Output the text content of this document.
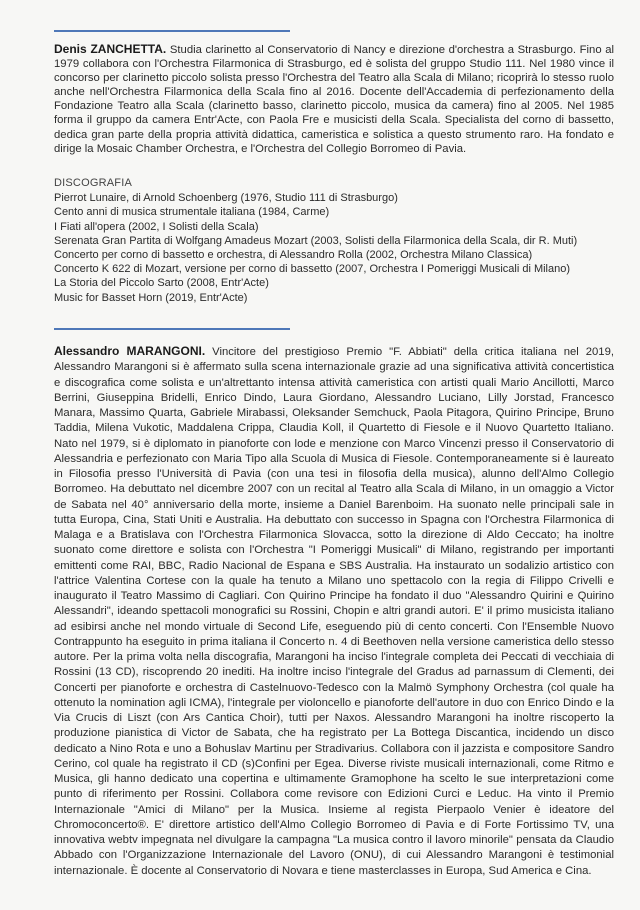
Denis ZANCHETTA. Studia clarinetto al Conservatorio di Nancy e direzione d'orchestra a Strasburgo. Fino al 1979 collabora con l'Orchestra Filarmonica di Strasburgo, ed è solista del gruppo Studio 111. Nel 1980 vince il concorso per clarinetto piccolo solista presso l'Orchestra del Teatro alla Scala di Milano; ricoprirà lo stesso ruolo anche nell'Orchestra Filarmonica della Scala fino al 2016. Docente dell'Accademia di perfezionamento della Fondazione Teatro alla Scala (clarinetto basso, clarinetto piccolo, musica da camera) fino al 2005. Nel 1985 forma il gruppo da camera Entr'Acte, con Paola Fre e musicisti della Scala. Specialista del corno di bassetto, dedica gran parte della propria attività didattica, cameristica e solistica a questo strumento raro. Ha fondato e dirige la Mosaic Chamber Orchestra, e l'Orchestra del Collegio Borromeo di Pavia.

DISCOGRAFIA
Pierrot Lunaire, di Arnold Schoenberg (1976, Studio 111 di Strasburgo)
Cento anni di musica strumentale italiana (1984, Carme)
I Fiati all'opera (2002, I Solisti della Scala)
Serenata Gran Partita di Wolfgang Amadeus Mozart (2003, Solisti della Filarmonica della Scala, dir R. Muti)
Concerto per corno di bassetto e orchestra, di Alessandro Rolla (2002, Orchestra Milano Classica)
Concerto K 622 di Mozart, versione per corno di bassetto (2007, Orchestra I Pomeriggi Musicali di Milano)
La Storia del Piccolo Sarto (2008, Entr'Acte)
Music for Basset Horn (2019, Entr'Acte)

Alessandro MARANGONI. Vincitore del prestigioso Premio "F. Abbiati" della critica italiana nel 2019, Alessandro Marangoni si è affermato sulla scena internazionale grazie ad una significativa attività concertistica e discografica come solista e un'altrettanto intensa attività cameristica con artisti quali Mario Ancillotti, Marco Berrini, Giuseppina Bridelli, Enrico Dindo, Laura Giordano, Alessandro Luciano, Lilly Jorstad, Francesco Manara, Massimo Quarta, Gabriele Mirabassi, Oleksander Semchuck, Paola Pitagora, Quirino Principe, Bruno Taddia, Milena Vukotic, Maddalena Crippa, Claudia Koll, il Quartetto di Fiesole e il Nuovo Quartetto Italiano. Nato nel 1979, si è diplomato in pianoforte con lode e menzione con Marco Vincenzi presso il Conservatorio di Alessandria e perfezionato con Maria Tipo alla Scuola di Musica di Fiesole. Contemporaneamente si è laureato in Filosofia presso l'Università di Pavia (con una tesi in filosofia della musica), alunno dell'Almo Collegio Borromeo. Ha debuttato nel dicembre 2007 con un recital al Teatro alla Scala di Milano, in un omaggio a Victor de Sabata nel 40° anniversario della morte, insieme a Daniel Barenboim. Ha suonato nelle principali sale in tutta Europa, Cina, Stati Uniti e Australia. Ha debuttato con successo in Spagna con l'Orchestra Filarmonica di Malaga e a Bratislava con l'Orchestra Filarmonica Slovacca, sotto la direzione di Aldo Ceccato; ha inoltre suonato come direttore e solista con l'Orchestra "I Pomeriggi Musicali" di Milano, registrando per importanti emittenti come RAI, BBC, Radio Nacional de Espana e SBS Australia. Ha instaurato un sodalizio artistico con l'attrice Valentina Cortese con la quale ha tenuto a Milano uno spettacolo con la regia di Filippo Crivelli e inaugurato il Teatro Massimo di Cagliari. Con Quirino Principe ha fondato il duo "Alessandro Quirini e Quirino Alessandri", ideando spettacoli monografici su Rossini, Chopin e altri grandi autori. E' il primo musicista italiano ad esibirsi anche nel mondo virtuale di Second Life, eseguendo più di cento concerti. Con l'Ensemble Nuovo Contrappunto ha eseguito in prima italiana il Concerto n. 4 di Beethoven nella versione cameristica dello stesso autore. Per la prima volta nella discografia, Marangoni ha inciso l'integrale completa dei Peccati di vecchiaia di Rossini (13 CD), riscoprendo 20 inediti. Ha inoltre inciso l'integrale del Gradus ad parnassum di Clementi, dei Concerti per pianoforte e orchestra di Castelnuovo-Tedesco con la Malmö Symphony Orchestra (col quale ha ottenuto la nomination agli ICMA), l'integrale per violoncello e pianoforte dell'autore in duo con Enrico Dindo e la Via Crucis di Liszt (con Ars Cantica Choir), tutti per Naxos. Alessandro Marangoni ha inoltre riscoperto la produzione pianistica di Victor de Sabata, che ha registrato per La Bottega Discantica, incidendo un disco dedicato a Nino Rota e uno a Bohuslav Martinu per Stradivarius. Collabora con il jazzista e compositore Sandro Cerino, col quale ha registrato il CD (s)Confini per Egea. Diverse riviste musicali internazionali, come Ritmo e Musica, gli hanno dedicato una copertina e ultimamente Gramophone ha scelto le sue interpretazioni come punto di riferimento per Rossini. Collabora come revisore con Edizioni Curci e Leduc. Ha vinto il Premio Internazionale "Amici di Milano" per la Musica. Insieme al regista Pierpaolo Venier è ideatore del Chromoconcerto®. E' direttore artistico dell'Almo Collegio Borromeo di Pavia e di Forte Fortissimo TV, una innovativa webtv impegnata nel divulgare la campagna "La musica contro il lavoro minorile" pensata da Claudio Abbado con l'Organizzazione Internazionale del Lavoro (ONU), di cui Alessandro Marangoni è testimonial internazionale. È docente al Conservatorio di Novara e tiene masterclasses in Europa, Sud America e Cina.
